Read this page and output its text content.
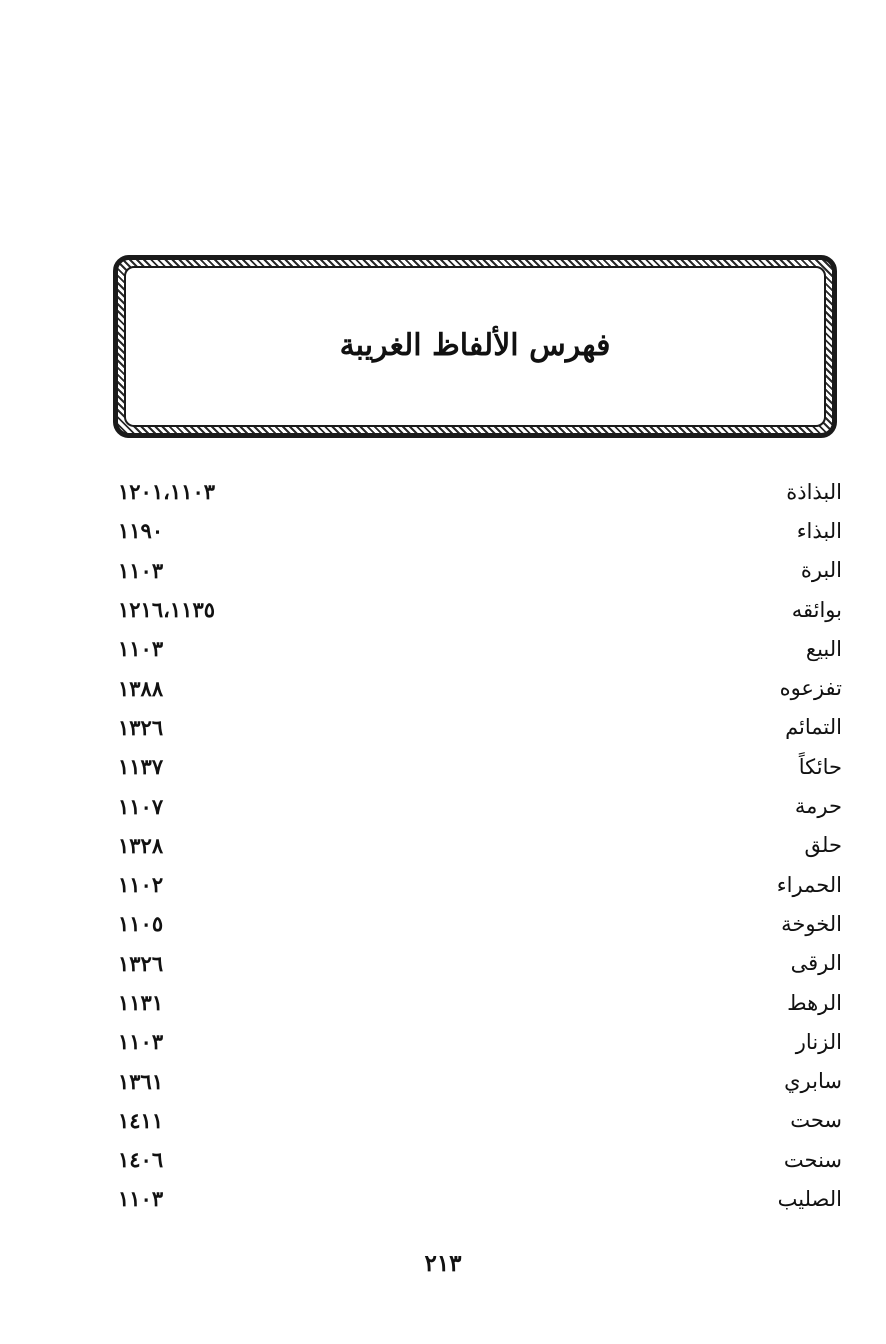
فهرس الألفاظ الغريبة
١٢٠١،١١٠٣	البذاذة
١١٩٠	البذاء
١١٠٣	البرة
١٢١٦،١١٣٥	بوائقه
١١٠٣	البيع
١٣٨٨	تفزعوه
١٣٢٦	التمائم
١١٣٧	حائكاً
١١٠٧	حرمة
١٣٢٨	حلق
١١٠٢	الحمراء
١١٠٥	الخوخة
١٣٢٦	الرقى
١١٣١	الرهط
١١٠٣	الزنار
١٣٦١	سابري
١٤١١	سحت
١٤٠٦	سنحت
١١٠٣	الصليب
٢١٣
